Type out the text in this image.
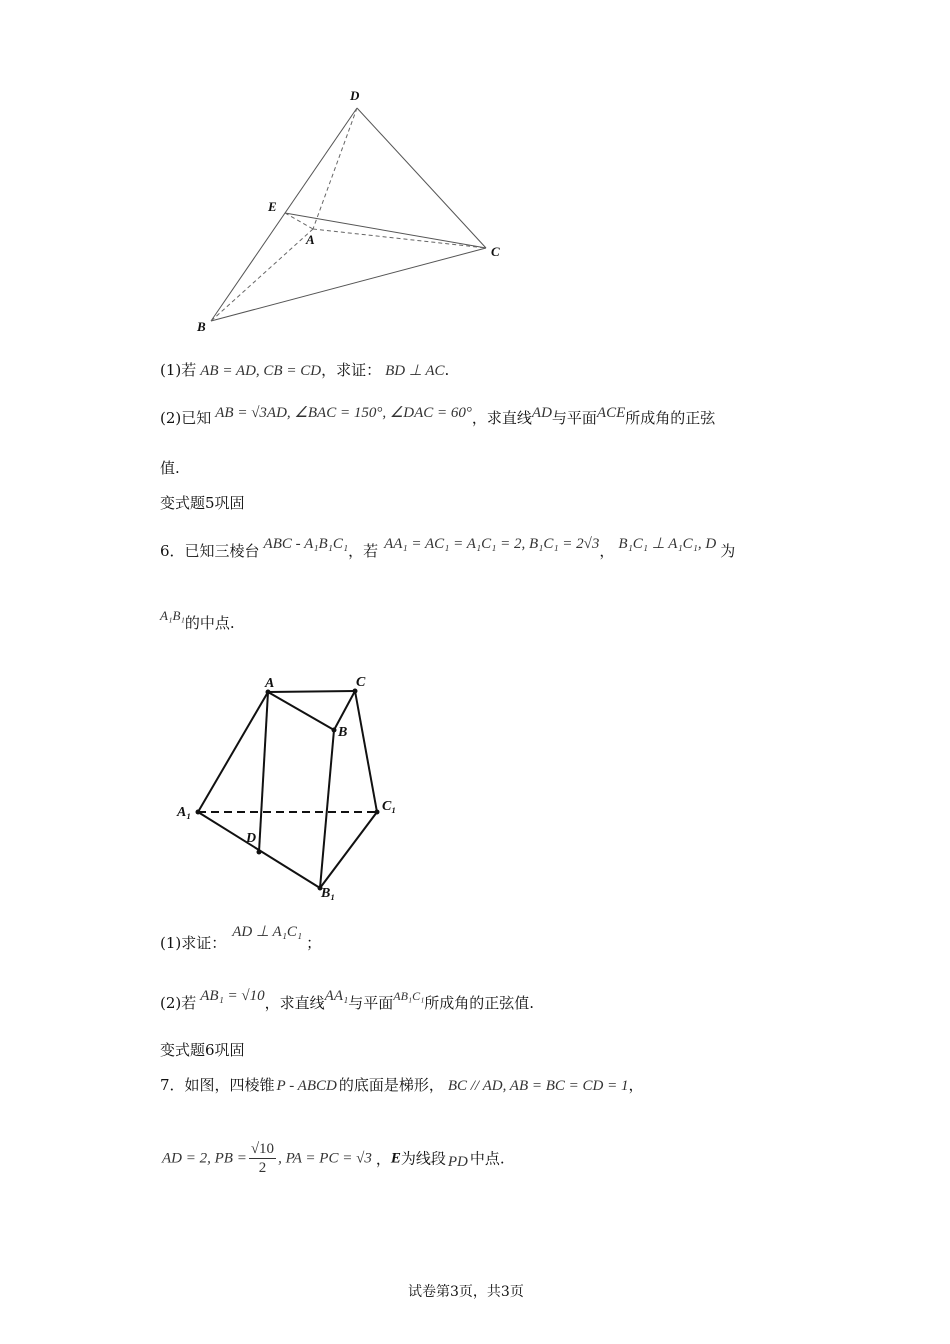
D
E
A
C
B
(1)若 AB = AD, CB = CD，求证： BD ⊥ AC.
(2)已知 AB = √3AD, ∠BAC = 150°, ∠DAC = 60°，求直线AD与平面ACE所成角的正弦
值.
变式题5巩固
6．已知三棱台 ABC - A₁B₁C₁，若 AA₁ = AC₁ = A₁C₁ = 2, B₁C₁ = 2√3， B₁C₁ ⊥ A₁C₁, D 为
A₁B₁的中点.
A	C
B
A₁	C₁
D
B₁
(1)求证：AD ⊥ A₁C₁；
(2)若 AB₁ = √10，求直线AA₁与平面$^{AB_1C_1}$所成角的正弦值.
变式题6巩固
7．如图，四棱锥 P - ABCD 的底面是梯形， BC // AD, AB = BC = CD = 1，
AD = 2, PB = $\frac{√10}{2}$ , PA = PC = √3 ，E为线段 PD 中点.
试卷第3页，共3页
